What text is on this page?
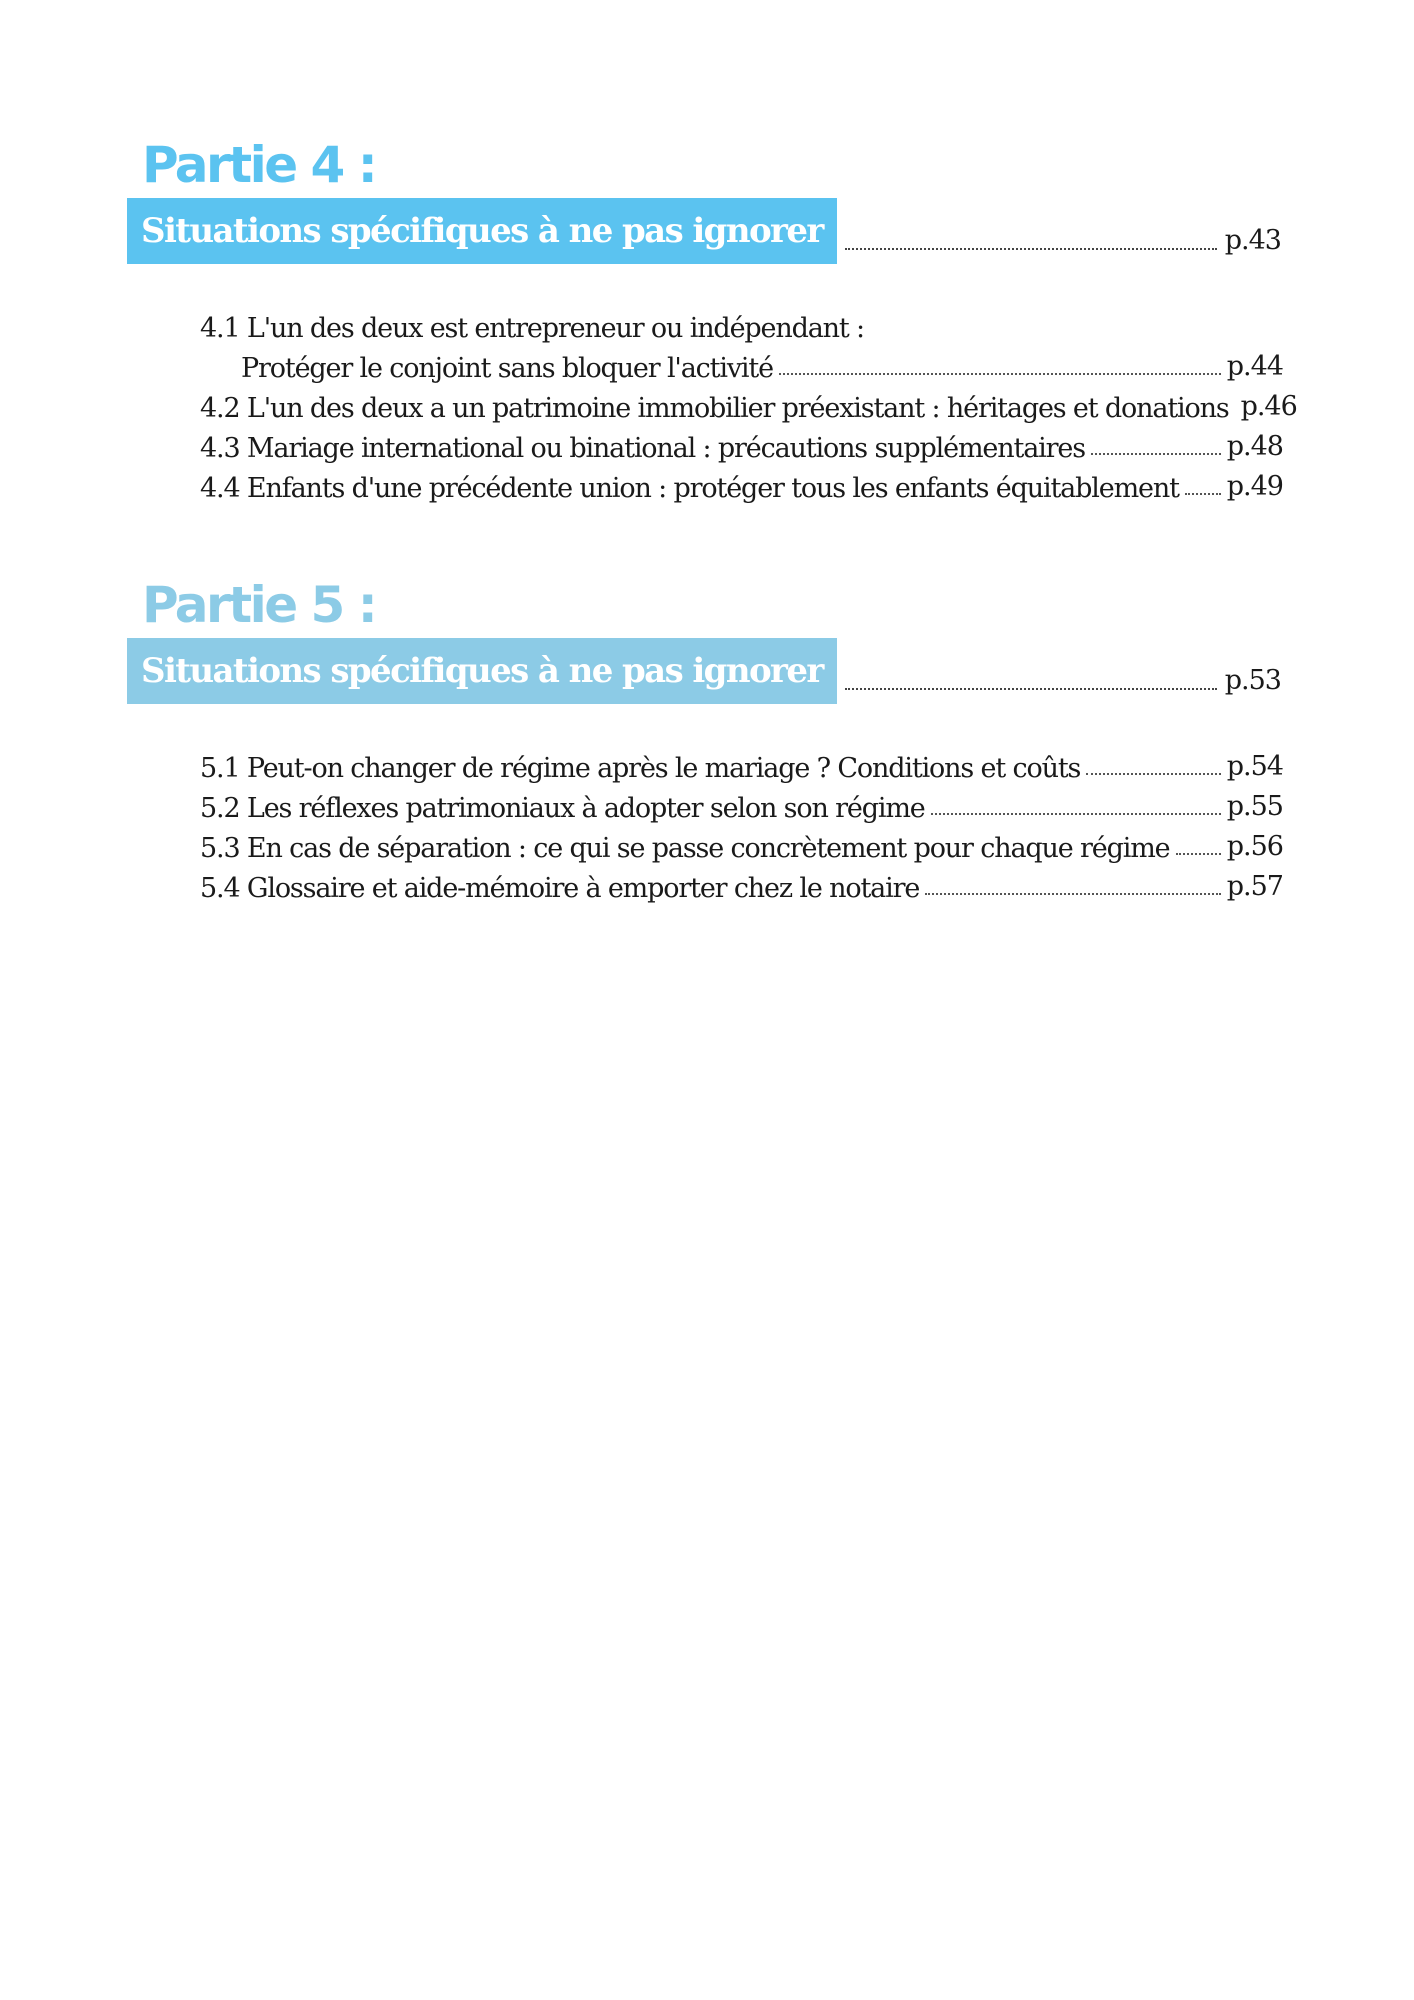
Partie 4 :
Situations spécifiques à ne pas ignorer	p.43
4.1 L'un des deux est entrepreneur ou indépendant :
Protéger le conjoint sans bloquer l'activité	p.44
4.2 L'un des deux a un patrimoine immobilier préexistant : héritages et donations p.46
4.3 Mariage international ou binational : précautions supplémentaires	p.48
4.4 Enfants d'une précédente union : protéger tous les enfants équitablement p.49
Partie 5 :
Situations spécifiques à ne pas ignorer	p.53
5.1 Peut-on changer de régime après le mariage ? Conditions et coûts	p.54
5.2 Les réflexes patrimoniaux à adopter selon son régime	p.55
5.3 En cas de séparation : ce qui se passe concrètement pour chaque régime p.56
5.4 Glossaire et aide-mémoire à emporter chez le notaire	p.57
